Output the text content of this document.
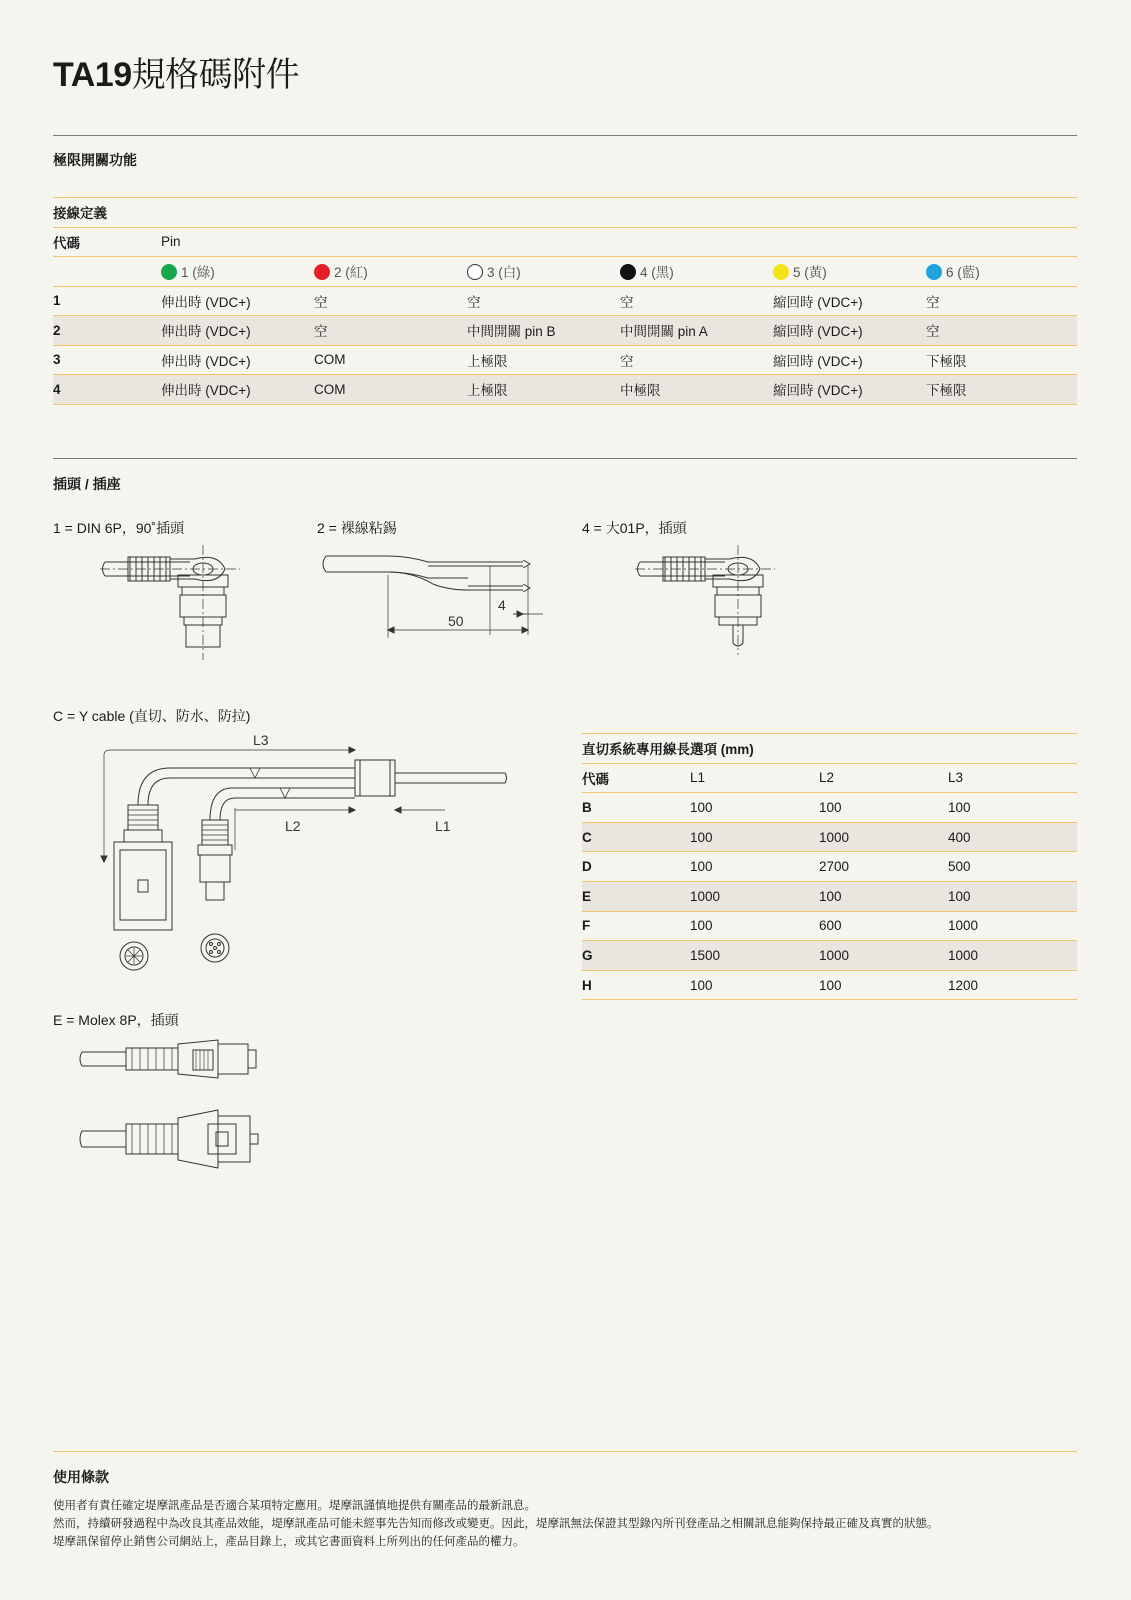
TA19規格碼附件
極限開關功能
接線定義						
代碼	Pin					
	1 (綠)	2 (紅)	3 (白)	4 (黑)	5 (黃)	6 (藍)
1	伸出時 (VDC+)	空	空	空	縮回時 (VDC+)	空
2	伸出時 (VDC+)	空	中間開關 pin B	中間開關 pin A	縮回時 (VDC+)	空
3	伸出時 (VDC+)	COM	上極限	空	縮回時 (VDC+)	下極限
4	伸出時 (VDC+)	COM	上極限	中極限	縮回時 (VDC+)	下極限
插頭 / 插座
1 = DIN 6P，90˚插頭	2 = 裸線粘錫	4 = 大01P，插頭
4
50
C = Y cable (直切、防水、防拉)
L3
L2	L1
E = Molex 8P，插頭
直切系統專用線長選項 (mm)			
代碼	L1	L2	L3
B	100	100	100
C	100	1000	400
D	100	2700	500
E	1000	100	100
F	100	600	1000
G	1500	1000	1000
H	100	100	1200
使用條款

使用者有責任確定堤摩訊產品是否適合某項特定應用。堤摩訊謹慎地提供有關產品的最新訊息。

然而，持續研發過程中為改良其產品效能，堤摩訊產品可能未經事先告知而修改或變更。因此，堤摩訊無法保證其型錄內所刊登產品之相關訊息能夠保持最正確及真實的狀態。

堤摩訊保留停止銷售公司網站上，產品目錄上，或其它書面資料上所列出的任何產品的權力。
